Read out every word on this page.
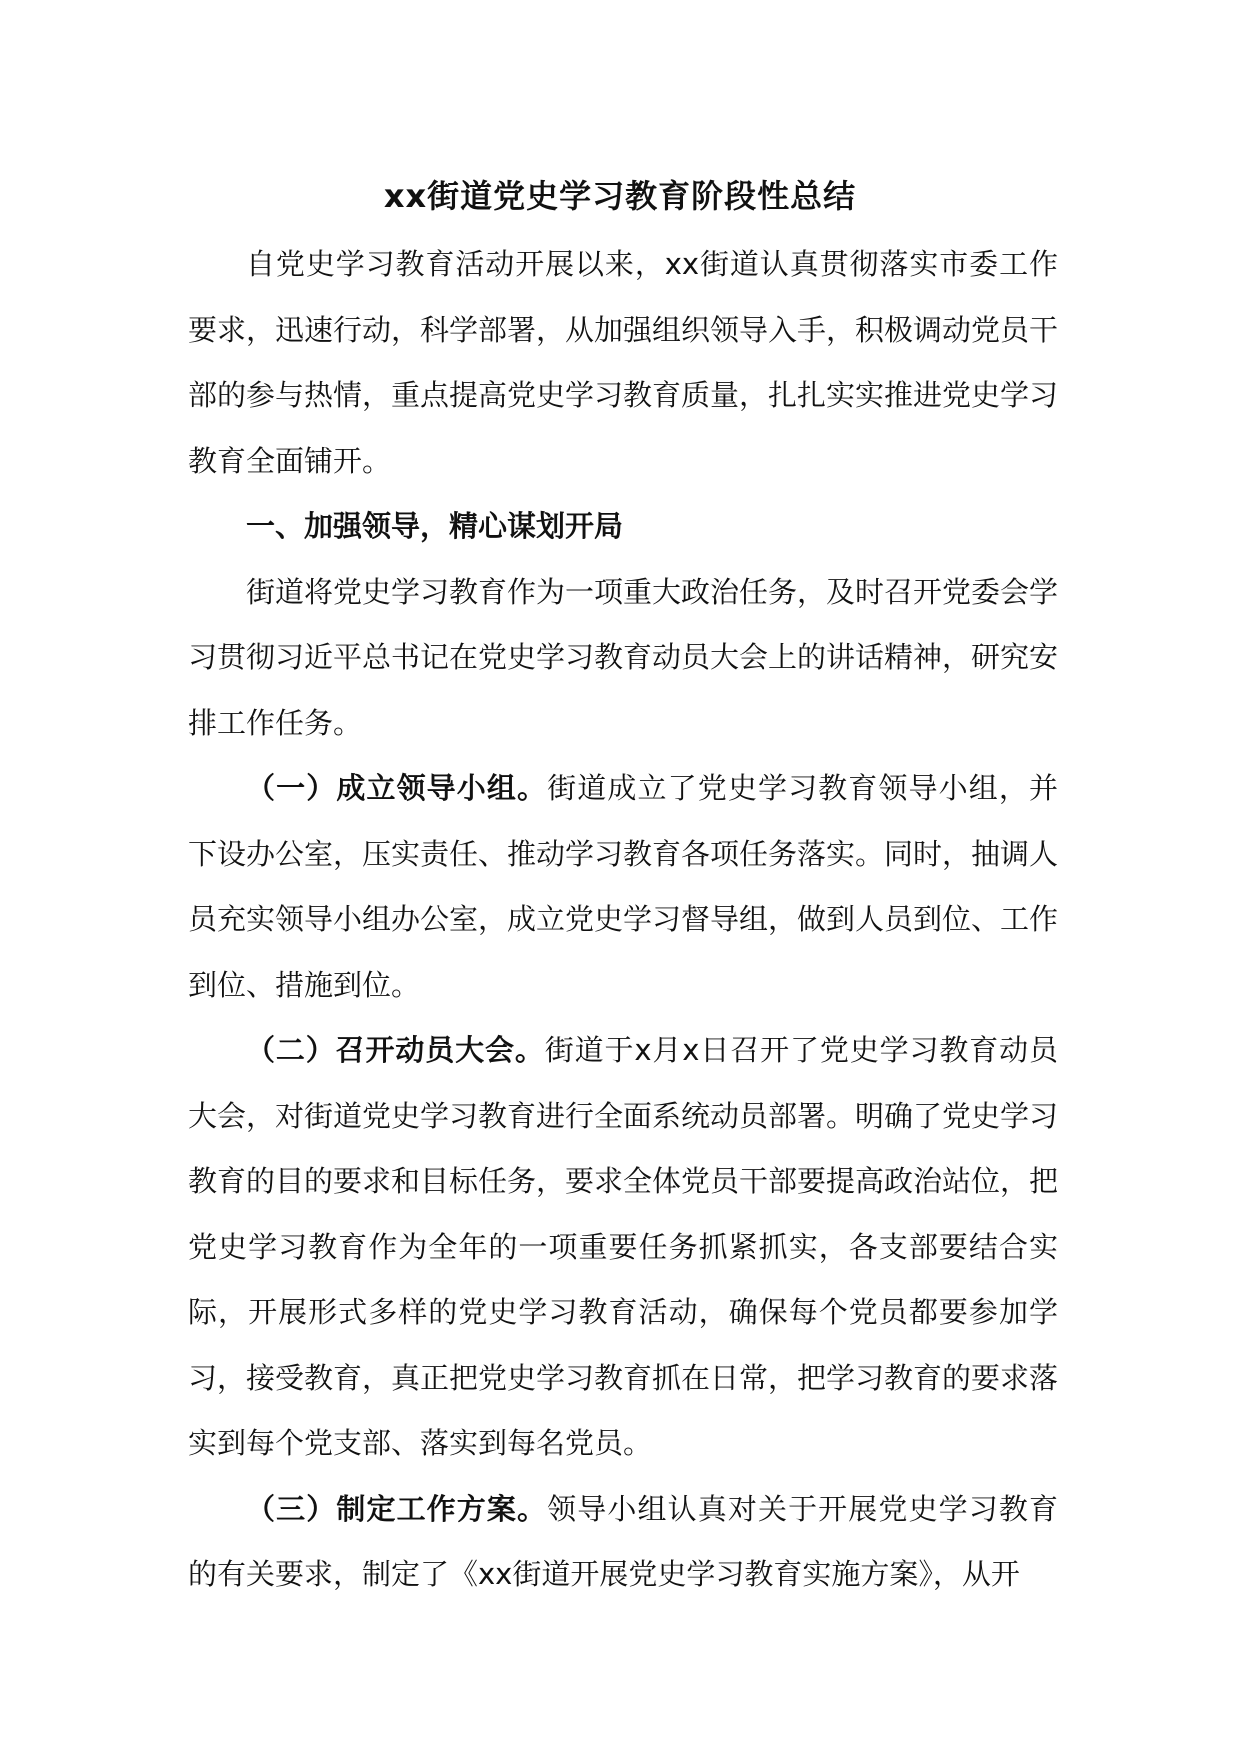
xx街道党史学习教育阶段性总结

自党史学习教育活动开展以来，xx街道认真贯彻落实市委工作要求，迅速行动，科学部署，从加强组织领导入手，积极调动党员干部的参与热情，重点提高党史学习教育质量，扎扎实实推进党史学习教育全面铺开。

一、加强领导，精心谋划开局

街道将党史学习教育作为一项重大政治任务，及时召开党委会学习贯彻习近平总书记在党史学习教育动员大会上的讲话精神，研究安排工作任务。

（一）成立领导小组。街道成立了党史学习教育领导小组，并下设办公室，压实责任、推动学习教育各项任务落实。同时，抽调人员充实领导小组办公室，成立党史学习督导组，做到人员到位、工作到位、措施到位。

（二）召开动员大会。街道于x月x日召开了党史学习教育动员大会，对街道党史学习教育进行全面系统动员部署。明确了党史学习教育的目的要求和目标任务，要求全体党员干部要提高政治站位，把党史学习教育作为全年的一项重要任务抓紧抓实，各支部要结合实际，开展形式多样的党史学习教育活动，确保每个党员都要参加学习，接受教育，真正把党史学习教育抓在日常，把学习教育的要求落实到每个党支部、落实到每名党员。

（三）制定工作方案。领导小组认真对关于开展党史学习教育的有关要求，制定了《xx街道开展党史学习教育实施方案》，从开
